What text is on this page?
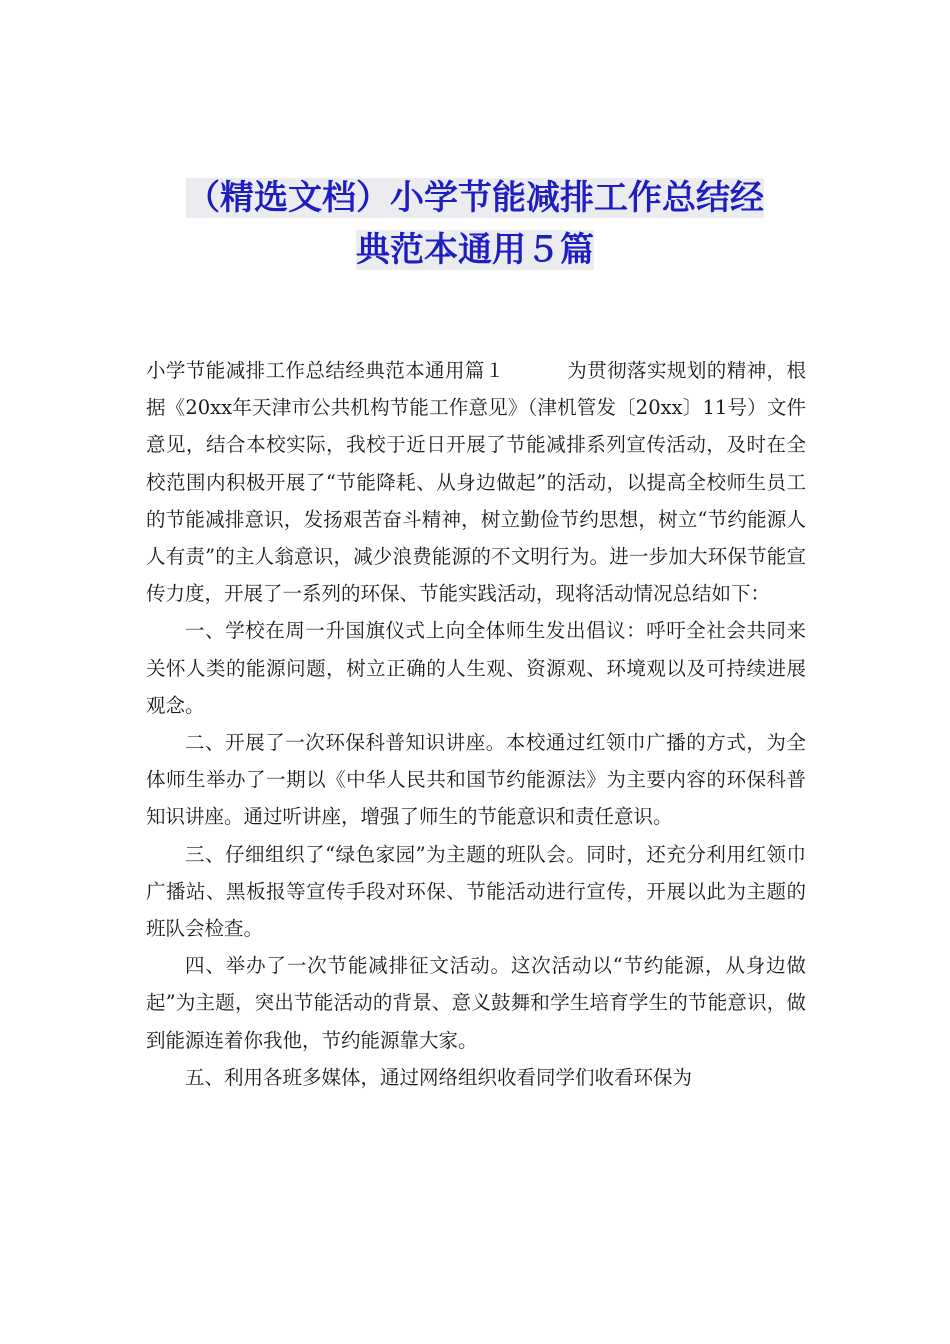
（精选文档）小学节能减排工作总结经
典范本通用５篇

小学节能减排工作总结经典范本通用篇１	为贯彻落实规划的精神，根据《20xx年天津市公共机构节能工作意见》（津机管发〔20xx〕11号）文件意见，结合本校实际，我校于近日开展了节能减排系列宣传活动，及时在全校范围内积极开展了“节能降耗、从身边做起”的活动，以提高全校师生员工的节能减排意识，发扬艰苦奋斗精神，树立勤俭节约思想，树立“节约能源人人有责”的主人翁意识，减少浪费能源的不文明行为。进一步加大环保节能宣传力度，开展了一系列的环保、节能实践活动，现将活动情况总结如下：

一、学校在周一升国旗仪式上向全体师生发出倡议：呼吁全社会共同来关怀人类的能源问题，树立正确的人生观、资源观、环境观以及可持续进展观念。

二、开展了一次环保科普知识讲座。本校通过红领巾广播的方式，为全体师生举办了一期以《中华人民共和国节约能源法》为主要内容的环保科普知识讲座。通过听讲座，增强了师生的节能意识和责任意识。

三、仔细组织了“绿色家园”为主题的班队会。同时，还充分利用红领巾广播站、黑板报等宣传手段对环保、节能活动进行宣传，开展以此为主题的班队会检查。

四、举办了一次节能减排征文活动。这次活动以“节约能源，从身边做起”为主题，突出节能活动的背景、意义鼓舞和学生培育学生的节能意识，做到能源连着你我他，节约能源靠大家。

五、利用各班多媒体，通过网络组织收看同学们收看环保为
